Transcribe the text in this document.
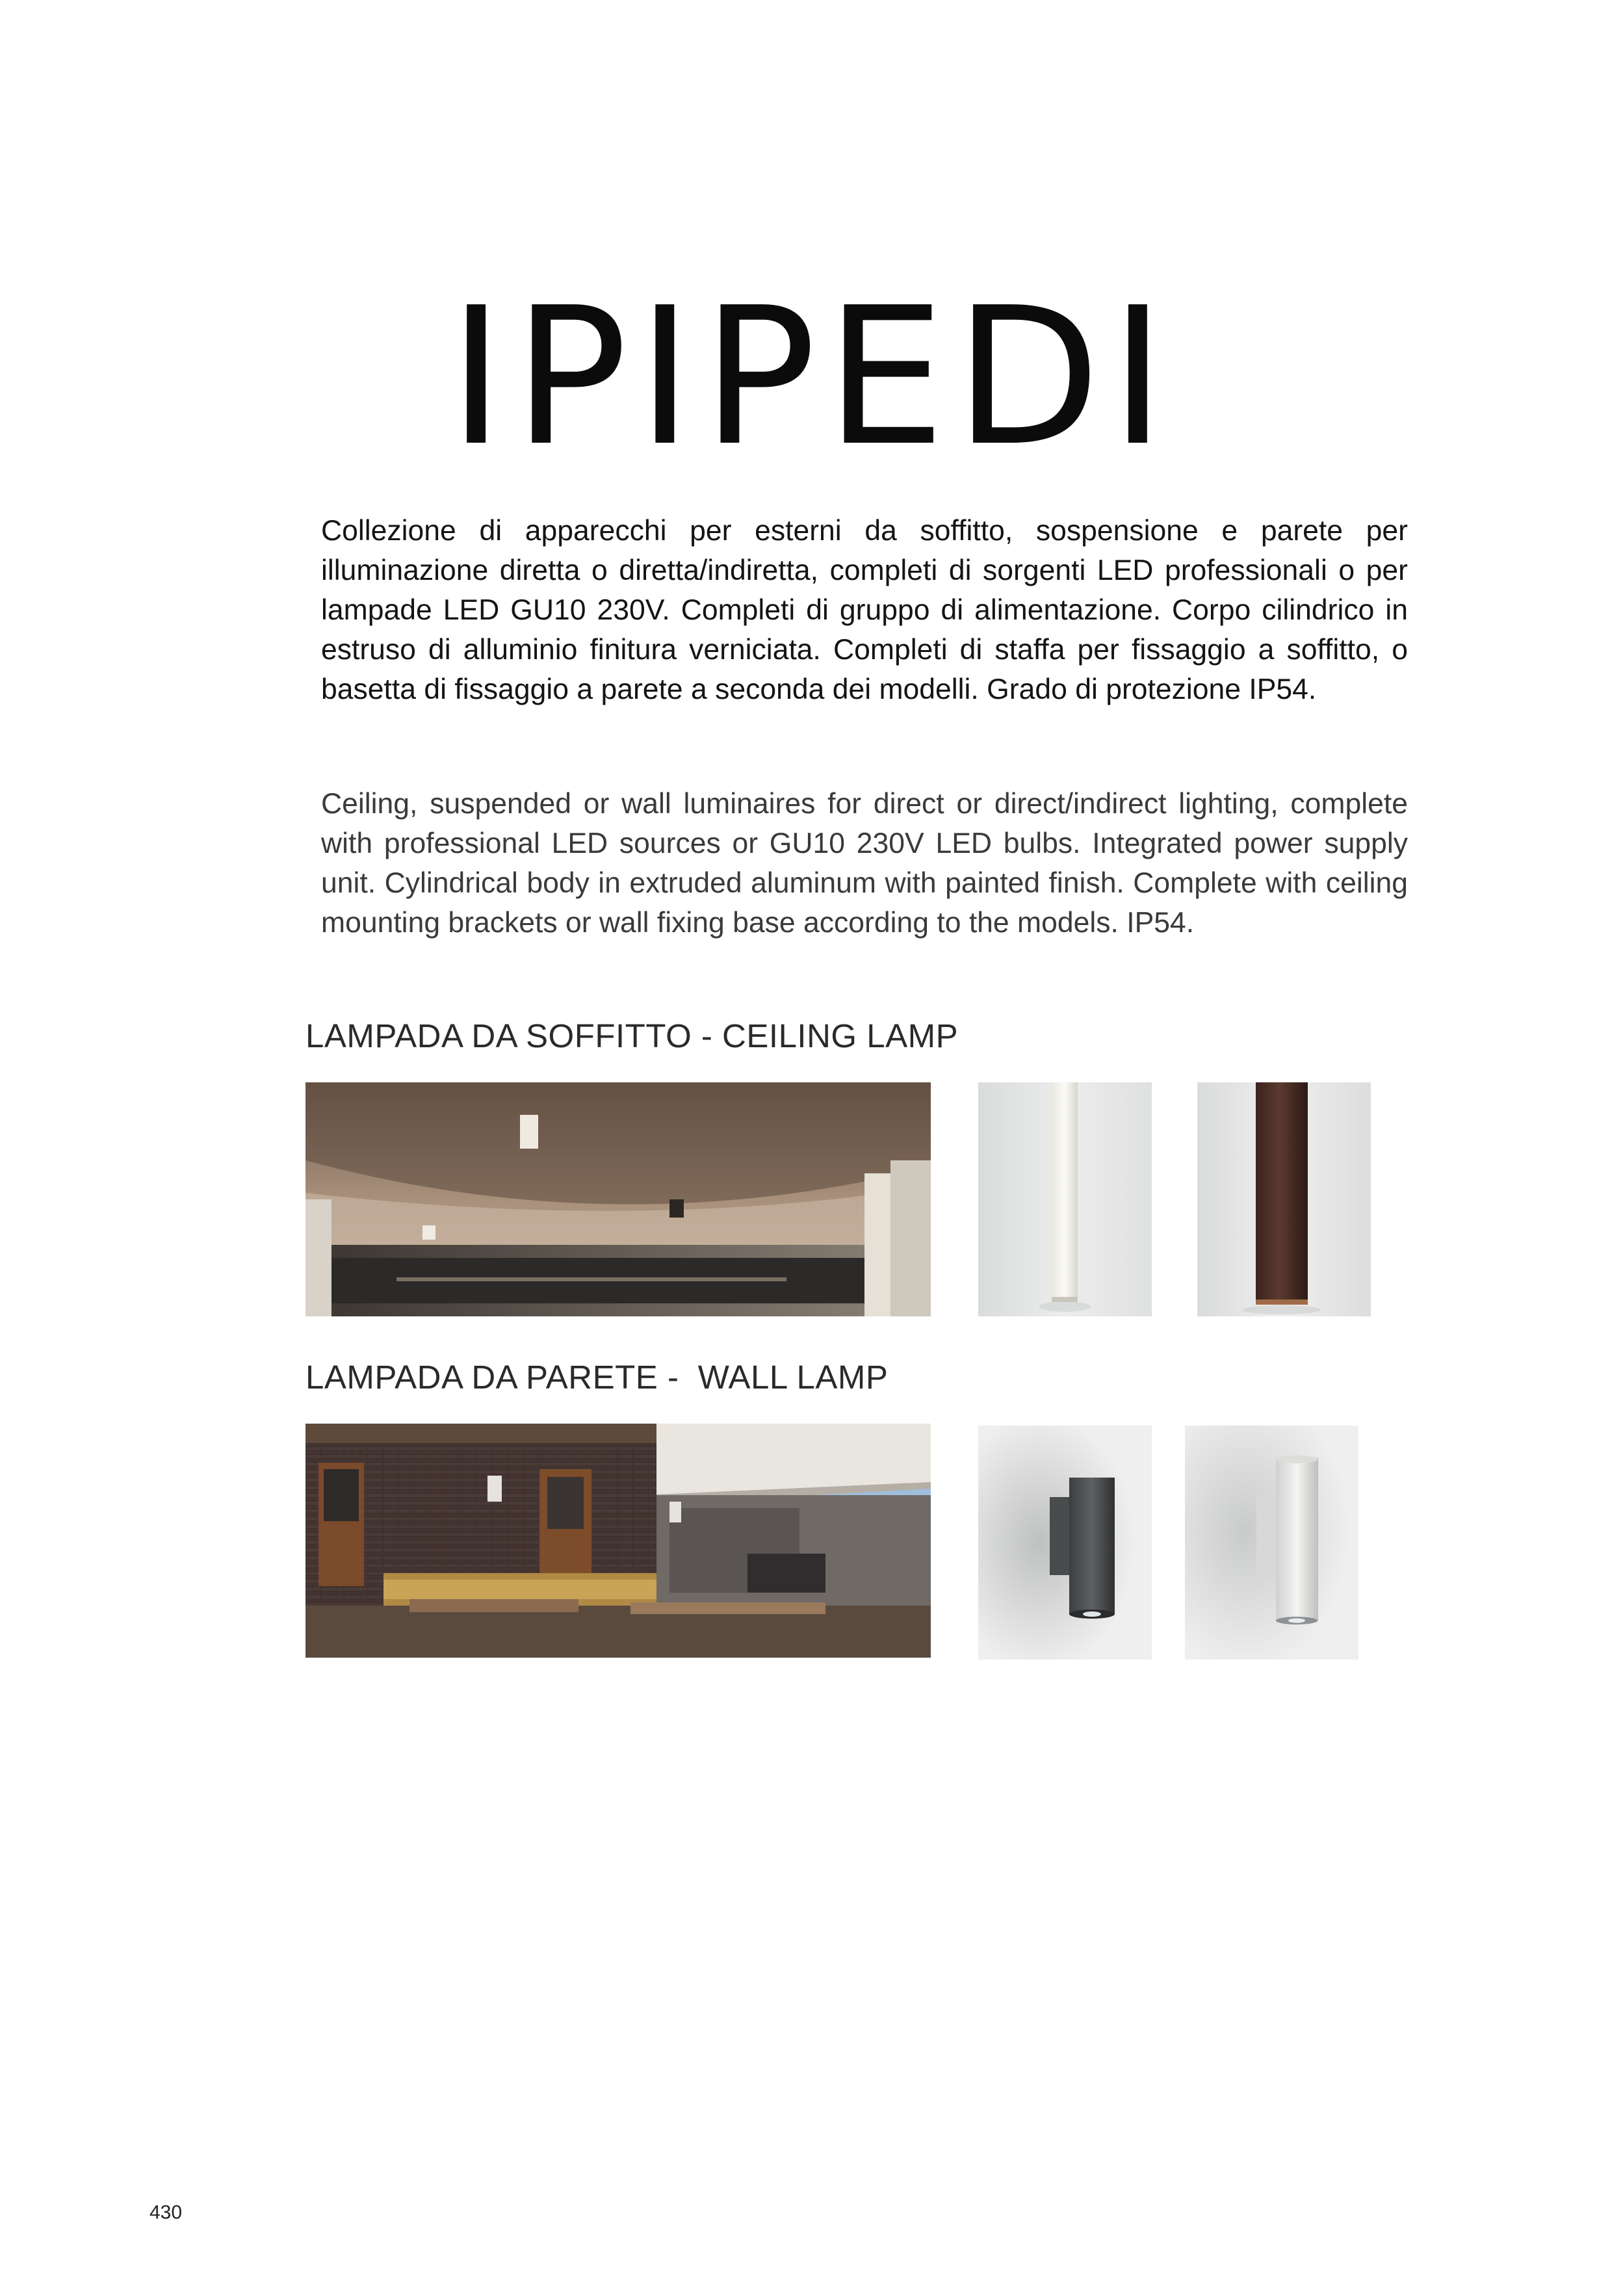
IPIPEDI

Collezione di apparecchi per esterni da soffitto, sospensione e parete per illuminazione diretta o diretta/indiretta, completi di sorgenti LED professionali o per lampade LED GU10 230V. Completi di gruppo di alimentazione. Corpo cilindrico in estruso di alluminio finitura verniciata. Completi di staffa per fissaggio a soffitto, o basetta di fissaggio a parete a seconda dei modelli. Grado di protezione IP54.

Ceiling, suspended or wall luminaires for direct or direct/indirect lighting, complete with professional LED sources or GU10 230V LED bulbs. Integrated power supply unit. Cylindrical body in extruded aluminum with painted finish. Complete with ceiling mounting brackets or wall fixing base according to the models. IP54.

LAMPADA DA SOFFITTO - CEILING LAMP
LAMPADA DA PARETE -  WALL LAMP
430
